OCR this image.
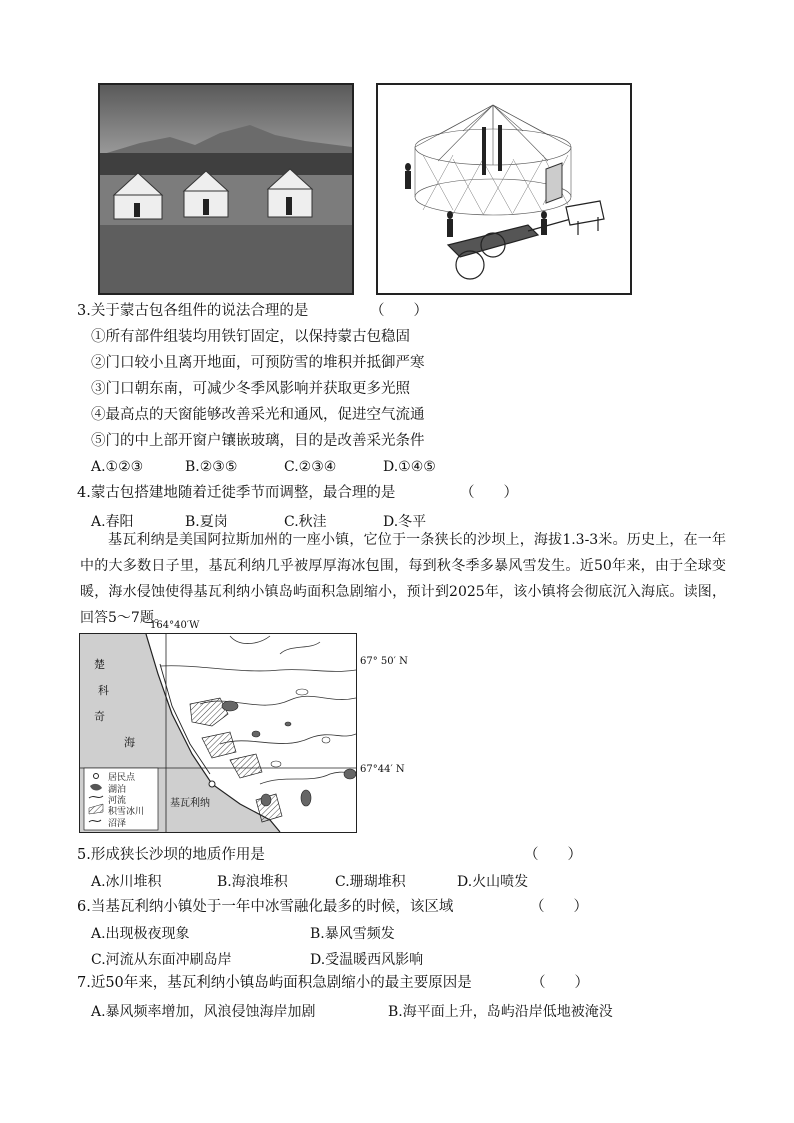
3.关于蒙古包各组件的说法合理的是	（　　）
①所有部件组装均用铁钉固定，以保持蒙古包稳固
②门口较小且离开地面，可预防雪的堆积并抵御严寒
③门口朝东南，可减少冬季风影响并获取更多光照
④最高点的天窗能够改善采光和通风，促进空气流通
⑤门的中上部开窗户镶嵌玻璃，目的是改善采光条件
A.①②③	B.②③⑤	C.②③④	D.①④⑤
4.蒙古包搭建地随着迁徙季节而调整，最合理的是	（　　）
A.春阳	B.夏岗	C.秋洼	D.冬平
基瓦利纳是美国阿拉斯加州的一座小镇，它位于一条狭长的沙坝上，海拔1.3-3米。历史上，在一年中的大多数日子里，基瓦利纳几乎被厚厚海冰包围，每到秋冬季多暴风雪发生。近50年来，由于全球变暖，海水侵蚀使得基瓦利纳小镇岛屿面积急剧缩小，预计到2025年，该小镇将会彻底沉入海底。读图，回答5～7题。
164°40′W
67° 50′ N
67°44′ N
楚
科
奇
海
基瓦利纳
居民点
湖泊
河流
积雪冰川
沼泽
5.形成狭长沙坝的地质作用是	（　　）
A.冰川堆积	B.海浪堆积	C.珊瑚堆积	D.火山喷发
6.当基瓦利纳小镇处于一年中冰雪融化最多的时候，该区域	（　　）
A.出现极夜现象	B.暴风雪频发
C.河流从东面冲刷岛岸	D.受温暖西风影响
7.近50年来，基瓦利纳小镇岛屿面积急剧缩小的最主要原因是	（　　）
A.暴风频率增加，风浪侵蚀海岸加剧	B.海平面上升，岛屿沿岸低地被淹没
